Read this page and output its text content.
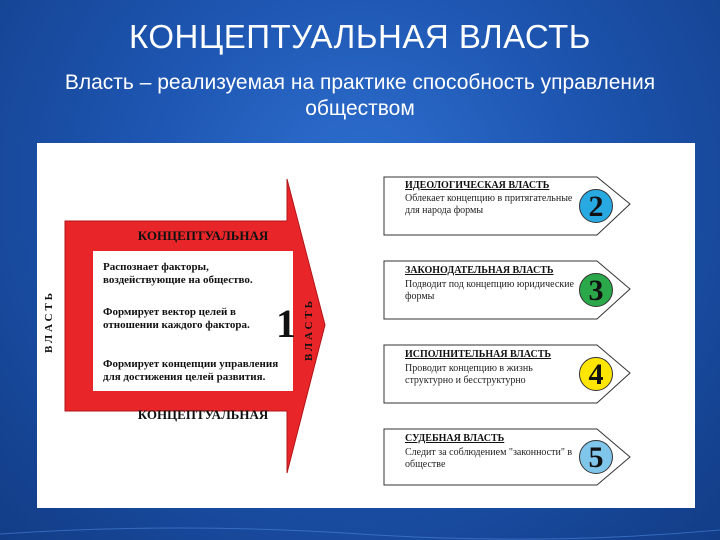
КОНЦЕПТУАЛЬНАЯ ВЛАСТЬ
Власть – реализуемая на практике способность управления обществом
КОНЦЕПТУАЛЬНАЯ
КОНЦЕПТУАЛЬНАЯ
ВЛАСТЬ	ВЛАСТЬ
Распознает факторы, воздействующие на общество.
Формирует вектор целей в отношении каждого фактора.
Формирует концепции управления для достижения целей развития.
1
ИДЕОЛОГИЧЕСКАЯ ВЛАСТЬ
Облекает концепцию в притягательные для народа формы	2
ЗАКОНОДАТЕЛЬНАЯ ВЛАСТЬ
Подводит под концепцию юридические формы	3
ИСПОЛНИТЕЛЬНАЯ ВЛАСТЬ
Проводит концепцию в жизнь структурно и бесструктурно	4
СУДЕБНАЯ ВЛАСТЬ
Следит за соблюдением "законности" в обществе	5
